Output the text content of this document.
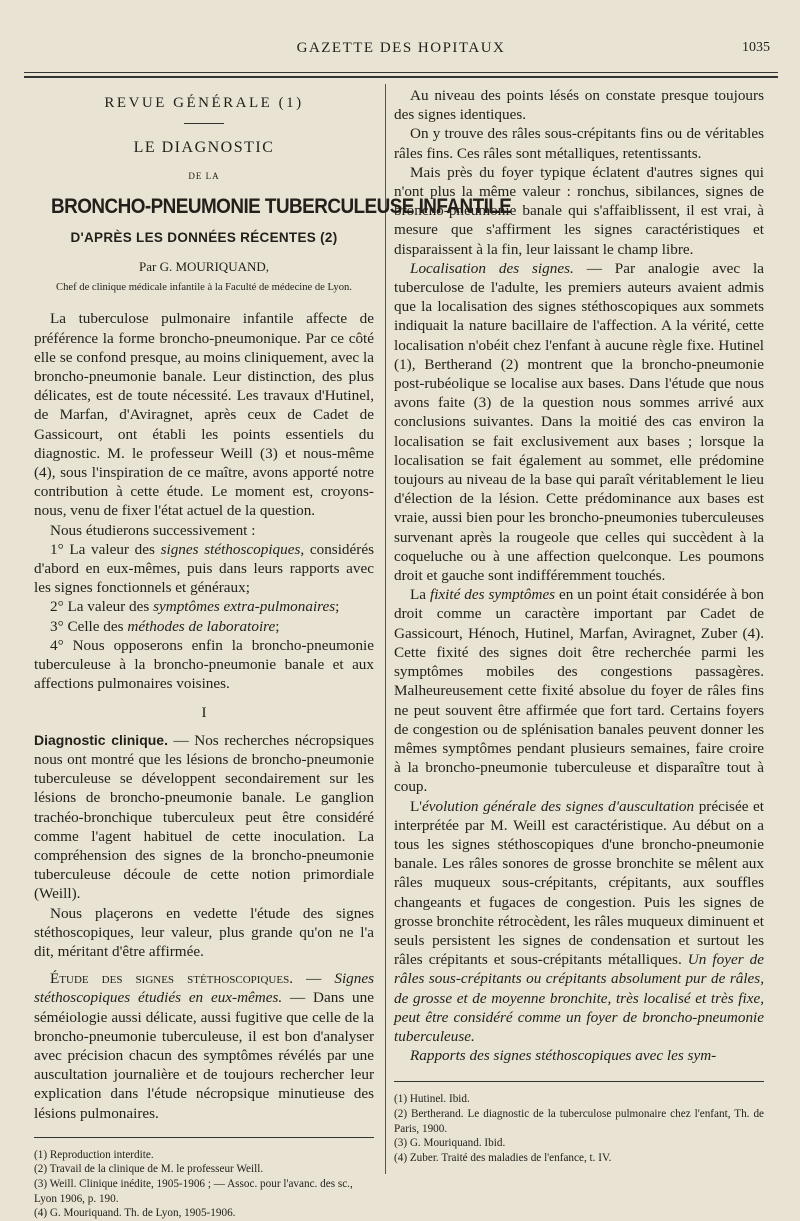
GAZETTE DES HOPITAUX	1035
REVUE GÉNÉRALE (1)
LE DIAGNOSTIC
DE LA
BRONCHO-PNEUMONIE TUBERCULEUSE INFANTILE
D'APRÈS LES DONNÉES RÉCENTES (2)
Par G. MOURIQUAND,
Chef de clinique médicale infantile à la Faculté de médecine de Lyon.

La tuberculose pulmonaire infantile affecte de préférence la forme broncho-pneumonique. Par ce côté elle se confond presque, au moins cliniquement, avec la broncho-pneumonie banale. Leur distinction, des plus délicates, est de toute nécessité. Les travaux d'Hutinel, de Marfan, d'Aviragnet, après ceux de Cadet de Gassicourt, ont établi les points essentiels du diagnostic. M. le professeur Weill (3) et nous-même (4), sous l'inspiration de ce maître, avons apporté notre contribution à cette étude. Le moment est, croyons-nous, venu de fixer l'état actuel de la question.

Nous étudierons successivement :

1° La valeur des signes stéthoscopiques, considérés d'abord en eux-mêmes, puis dans leurs rapports avec les signes fonctionnels et généraux;

2° La valeur des symptômes extra-pulmonaires;

3° Celle des méthodes de laboratoire;

4° Nous opposerons enfin la broncho-pneumonie tuberculeuse à la broncho-pneumonie banale et aux affections pulmonaires voisines.

I

Diagnostic clinique. — Nos recherches nécropsiques nous ont montré que les lésions de broncho-pneumonie tuberculeuse se développent secondairement sur les lésions de broncho-pneumonie banale. Le ganglion trachéo-bronchique tuberculeux peut être considéré comme l'agent habituel de cette inoculation. La compréhension des signes de la broncho-pneumonie tuberculeuse découle de cette notion primordiale (Weill).

Nous plaçerons en vedette l'étude des signes stéthoscopiques, leur valeur, plus grande qu'on ne l'a dit, méritant d'être affirmée.

Étude des signes stéthoscopiques. — Signes stéthoscopiques étudiés en eux-mêmes. — Dans une séméiologie aussi délicate, aussi fugitive que celle de la broncho-pneumonie tuberculeuse, il est bon d'analyser avec précision chacun des symptômes révélés par une auscultation journalière et de toujours rechercher leur explication dans l'étude nécropsique minutieuse des lésions pulmonaires.

(1) Reproduction interdite.
(2) Travail de la clinique de M. le professeur Weill.
(3) Weill. Clinique inédite, 1905-1906 ; — Assoc. pour l'avanc. des sc., Lyon 1906, p. 190.
(4) G. Mouriquand. Th. de Lyon, 1905-1906.

Au niveau des points lésés on constate presque toujours des signes identiques.

On y trouve des râles sous-crépitants fins ou de véritables râles fins. Ces râles sont métalliques, retentissants.

Mais près du foyer typique éclatent d'autres signes qui n'ont plus la même valeur : ronchus, sibilances, signes de broncho-pneumonie banale qui s'affaiblissent, il est vrai, à mesure que s'affirment les signes caractéristiques et disparaissent à la fin, leur laissant le champ libre.

Localisation des signes. — Par analogie avec la tuberculose de l'adulte, les premiers auteurs avaient admis que la localisation des signes stéthoscopiques aux sommets indiquait la nature bacillaire de l'affection. A la vérité, cette localisation n'obéit chez l'enfant à aucune règle fixe. Hutinel (1), Bertherand (2) montrent que la broncho-pneumonie post-rubéolique se localise aux bases. Dans l'étude que nous avons faite (3) de la question nous sommes arrivé aux conclusions suivantes. Dans la moitié des cas environ la localisation se fait exclusivement aux bases ; lorsque la localisation se fait également au sommet, elle prédomine toujours au niveau de la base qui paraît véritablement le lieu d'élection de la lésion. Cette prédominance aux bases est vraie, aussi bien pour les broncho-pneumonies tuberculeuses survenant après la rougeole que celles qui succèdent à la coqueluche ou à une affection quelconque. Les poumons droit et gauche sont indifféremment touchés.

La fixité des symptômes en un point était considérée à bon droit comme un caractère important par Cadet de Gassicourt, Hénoch, Hutinel, Marfan, Aviragnet, Zuber (4). Cette fixité des signes doit être recherchée parmi les symptômes mobiles des congestions passagères. Malheureusement cette fixité absolue du foyer de râles fins ne peut souvent être affirmée que fort tard. Certains foyers de congestion ou de splénisation banales peuvent donner les mêmes symptômes pendant plusieurs semaines, faire croire à la broncho-pneumonie tuberculeuse et disparaître tout à coup.

L'évolution générale des signes d'auscultation précisée et interprétée par M. Weill est caractéristique. Au début on a tous les signes stéthoscopiques d'une broncho-pneumonie banale. Les râles sonores de grosse bronchite se mêlent aux râles muqueux sous-crépitants, crépitants, aux souffles changeants et fugaces de congestion. Puis les signes de grosse bronchite rétrocèdent, les râles muqueux diminuent et seuls persistent les signes de condensation et surtout les râles crépitants et sous-crépitants métalliques. Un foyer de râles sous-crépitants ou crépitants absolument pur de râles, de grosse et de moyenne bronchite, très localisé et très fixe, peut être considéré comme un foyer de broncho-pneumonie tuberculeuse.

Rapports des signes stéthoscopiques avec les sym-

(1) Hutinel. Ibid.
(2) Bertherand. Le diagnostic de la tuberculose pulmonaire chez l'enfant, Th. de Paris, 1900.
(3) G. Mouriquand. Ibid.
(4) Zuber. Traité des maladies de l'enfance, t. IV.
